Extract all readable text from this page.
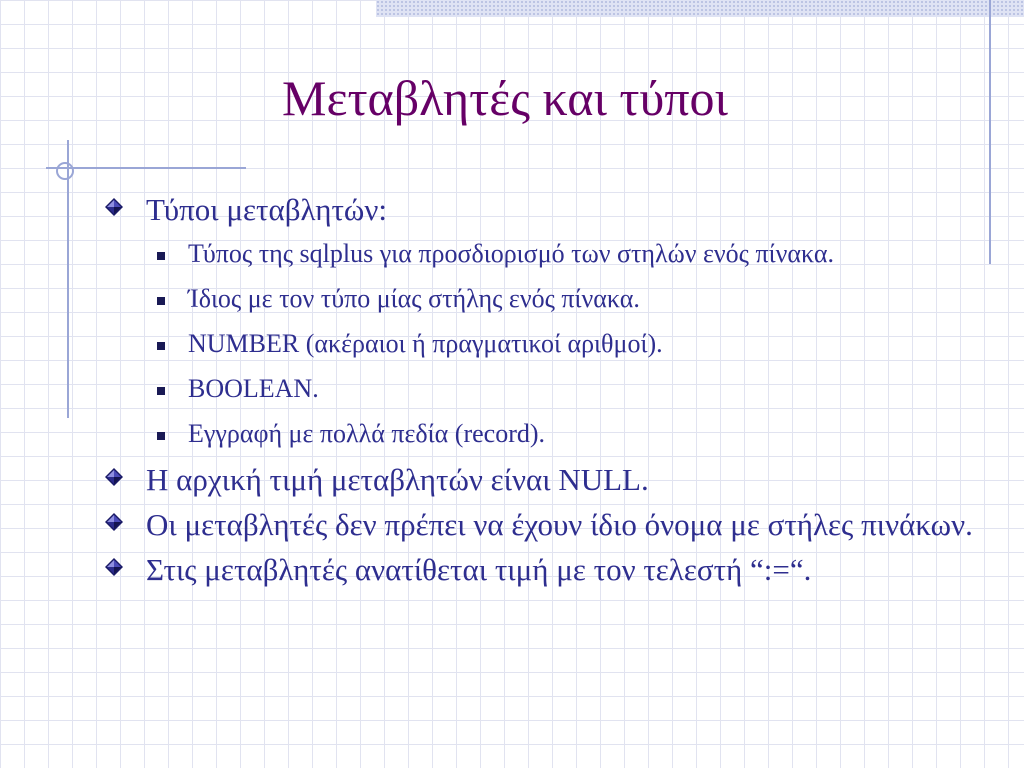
Μεταβλητές και τύποι
Τύποι μεταβλητών:
Τύπος της sqlplus για προσδιορισμό των στηλών ενός πίνακα.
Ίδιος με τον τύπο μίας στήλης ενός πίνακα.
NUMBER (ακέραιοι ή πραγματικοί αριθμοί).
BOOLEAN.
Εγγραφή με πολλά πεδία (record).
Η αρχική τιμή μεταβλητών είναι NULL.
Οι μεταβλητές δεν πρέπει να έχουν ίδιο όνομα με στήλες πινάκων.
Στις μεταβλητές ανατίθεται τιμή με τον τελεστή “:=“.
